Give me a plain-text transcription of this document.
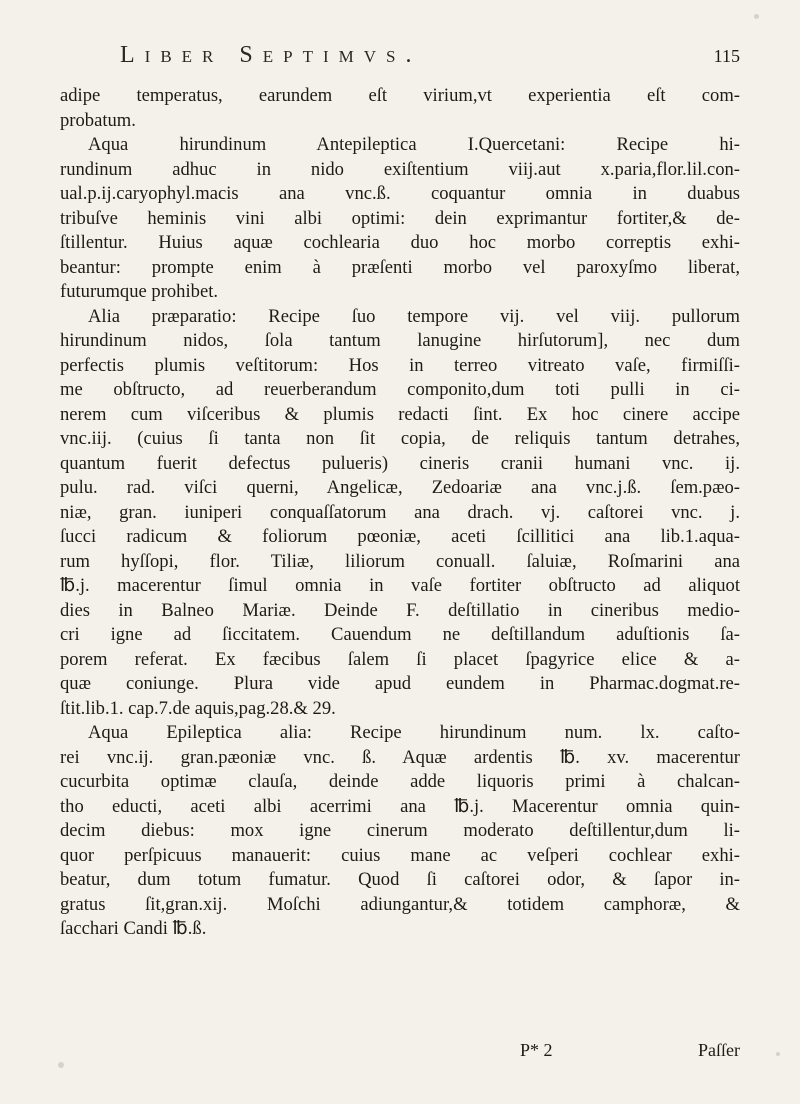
Liber Septimvs.	115
adipe temperatus, earundem eſt virium,vt experientia eſt com-
probatum.
Aqua hirundinum Antepileptica I.Quercetani: Recipe hi-
rundinum adhuc in nido exiſtentium viij.aut x.paria,flor.lil.con-
ual.p.ij.caryophyl.macis ana vnc.ß. coquantur omnia in duabus
tribuſve heminis vini albi optimi: dein exprimantur fortiter,& de-
ſtillentur. Huius aquæ cochlearia duo hoc morbo correptis exhi-
beantur: prompte enim à præſenti morbo vel paroxyſmo liberat,
futurumque prohibet.
Alia præparatio: Recipe ſuo tempore vij. vel viij. pullorum
hirundinum nidos, ſola tantum lanugine hirſutorum], nec dum
perfectis plumis veſtitorum: Hos in terreo vitreato vaſe, firmiſſi-
me obſtructo, ad reuerberandum componito,dum toti pulli in ci-
nerem cum viſceribus & plumis redacti ſint. Ex hoc cinere accipe
vnc.iij. (cuius ſi tanta non ſit copia, de reliquis tantum detrahes,
quantum fuerit defectus pulueris) cineris cranii humani vnc. ij.
pulu. rad. viſci querni, Angelicæ, Zedoariæ ana vnc.j.ß. ſem.pæo-
niæ, gran. iuniperi conquaſſatorum ana drach. vj. caſtorei vnc. j.
ſucci radicum & foliorum pœoniæ, aceti ſcillitici ana lib.1.aqua-
rum hyſſopi, flor. Tiliæ, liliorum conuall. ſaluiæ, Roſmarini ana
℔.j. macerentur ſimul omnia in vaſe fortiter obſtructo ad aliquot
dies in Balneo Mariæ. Deinde F. deſtillatio in cineribus medio-
cri igne ad ſiccitatem. Cauendum ne deſtillandum aduſtionis ſa-
porem referat. Ex fæcibus ſalem ſi placet ſpagyrice elice & a-
quæ coniunge. Plura vide apud eundem in Pharmac.dogmat.re-
ſtit.lib.1. cap.7.de aquis,pag.28.& 29.
Aqua Epileptica alia: Recipe hirundinum num. lx. caſto-
rei vnc.ij. gran.pæoniæ vnc. ß. Aquæ ardentis ℔. xv. macerentur
cucurbita optimæ clauſa, deinde adde liquoris primi à chalcan-
tho educti, aceti albi acerrimi ana ℔.j. Macerentur omnia quin-
decim diebus: mox igne cinerum moderato deſtillentur,dum li-
quor perſpicuus manauerit: cuius mane ac veſperi cochlear exhi-
beatur, dum totum fumatur. Quod ſi caſtorei odor, & ſapor in-
gratus ſit,gran.xij. Moſchi adiungantur,& totidem camphoræ, &
ſacchari Candi ℔.ß.
P* 2	Paſſer
